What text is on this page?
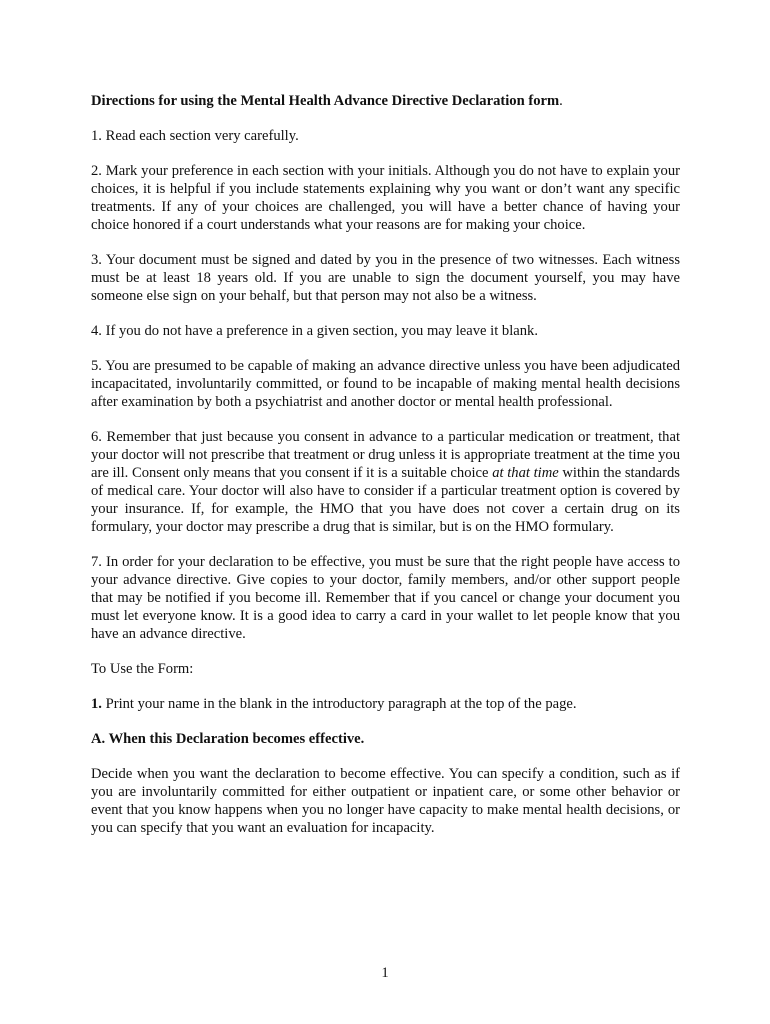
Directions for using the Mental Health Advance Directive Declaration form.

1. Read each section very carefully.

2. Mark your preference in each section with your initials. Although you do not have to explain your choices, it is helpful if you include statements explaining why you want or don’t want any specific treatments. If any of your choices are challenged, you will have a better chance of having your choice honored if a court understands what your reasons are for making your choice.

3. Your document must be signed and dated by you in the presence of two witnesses. Each witness must be at least 18 years old. If you are unable to sign the document yourself, you may have someone else sign on your behalf, but that person may not also be a witness.

4. If you do not have a preference in a given section, you may leave it blank.

5. You are presumed to be capable of making an advance directive unless you have been adjudicated incapacitated, involuntarily committed, or found to be incapable of making mental health decisions after examination by both a psychiatrist and another doctor or mental health professional.

6. Remember that just because you consent in advance to a particular medication or treatment, that your doctor will not prescribe that treatment or drug unless it is appropriate treatment at the time you are ill. Consent only means that you consent if it is a suitable choice at that time within the standards of medical care. Your doctor will also have to consider if a particular treatment option is covered by your insurance. If, for example, the HMO that you have does not cover a certain drug on its formulary, your doctor may prescribe a drug that is similar, but is on the HMO formulary.

7. In order for your declaration to be effective, you must be sure that the right people have access to your advance directive. Give copies to your doctor, family members, and/or other support people that may be notified if you become ill. Remember that if you cancel or change your document you must let everyone know. It is a good idea to carry a card in your wallet to let people know that you have an advance directive.

To Use the Form:

1. Print your name in the blank in the introductory paragraph at the top of the page.

A. When this Declaration becomes effective.

Decide when you want the declaration to become effective. You can specify a condition, such as if you are involuntarily committed for either outpatient or inpatient care, or some other behavior or event that you know happens when you no longer have capacity to make mental health decisions, or you can specify that you want an evaluation for incapacity.

1
